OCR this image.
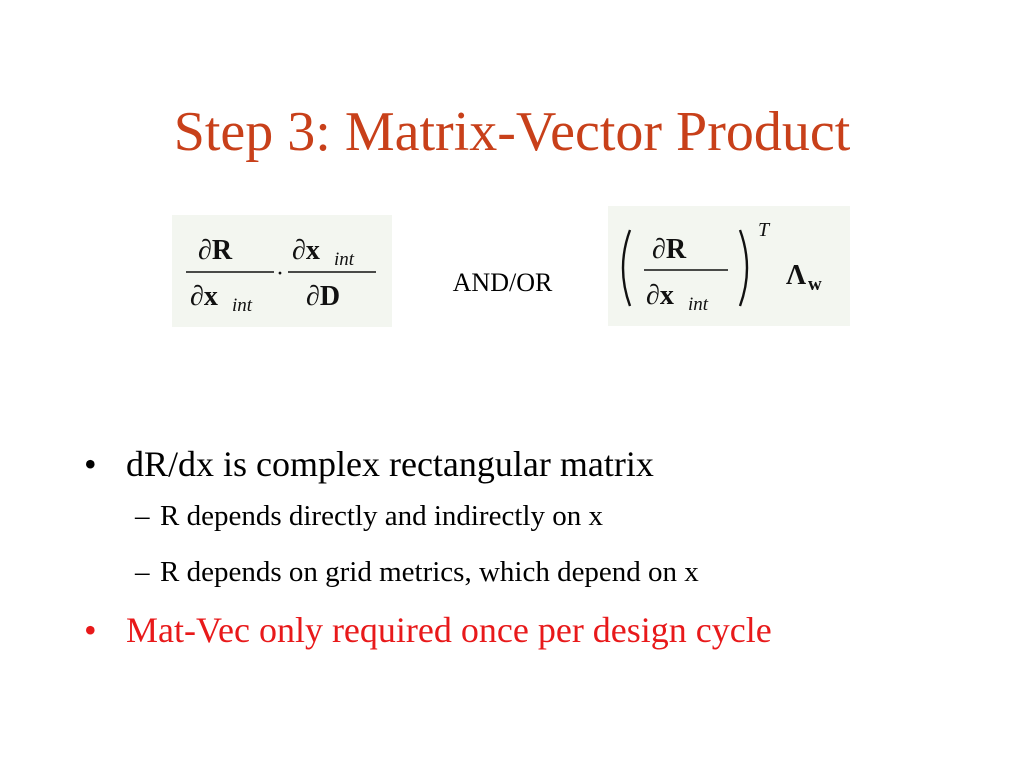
Step 3: Matrix-Vector Product
∂R
∂x int
·
∂x int
∂D	AND/OR
∂R
∂x int
T
Λ w
• dR/dx is complex rectangular matrix
– R depends directly and indirectly on x
– R depends on grid metrics, which depend on x
• Mat-Vec only required once per design cycle
